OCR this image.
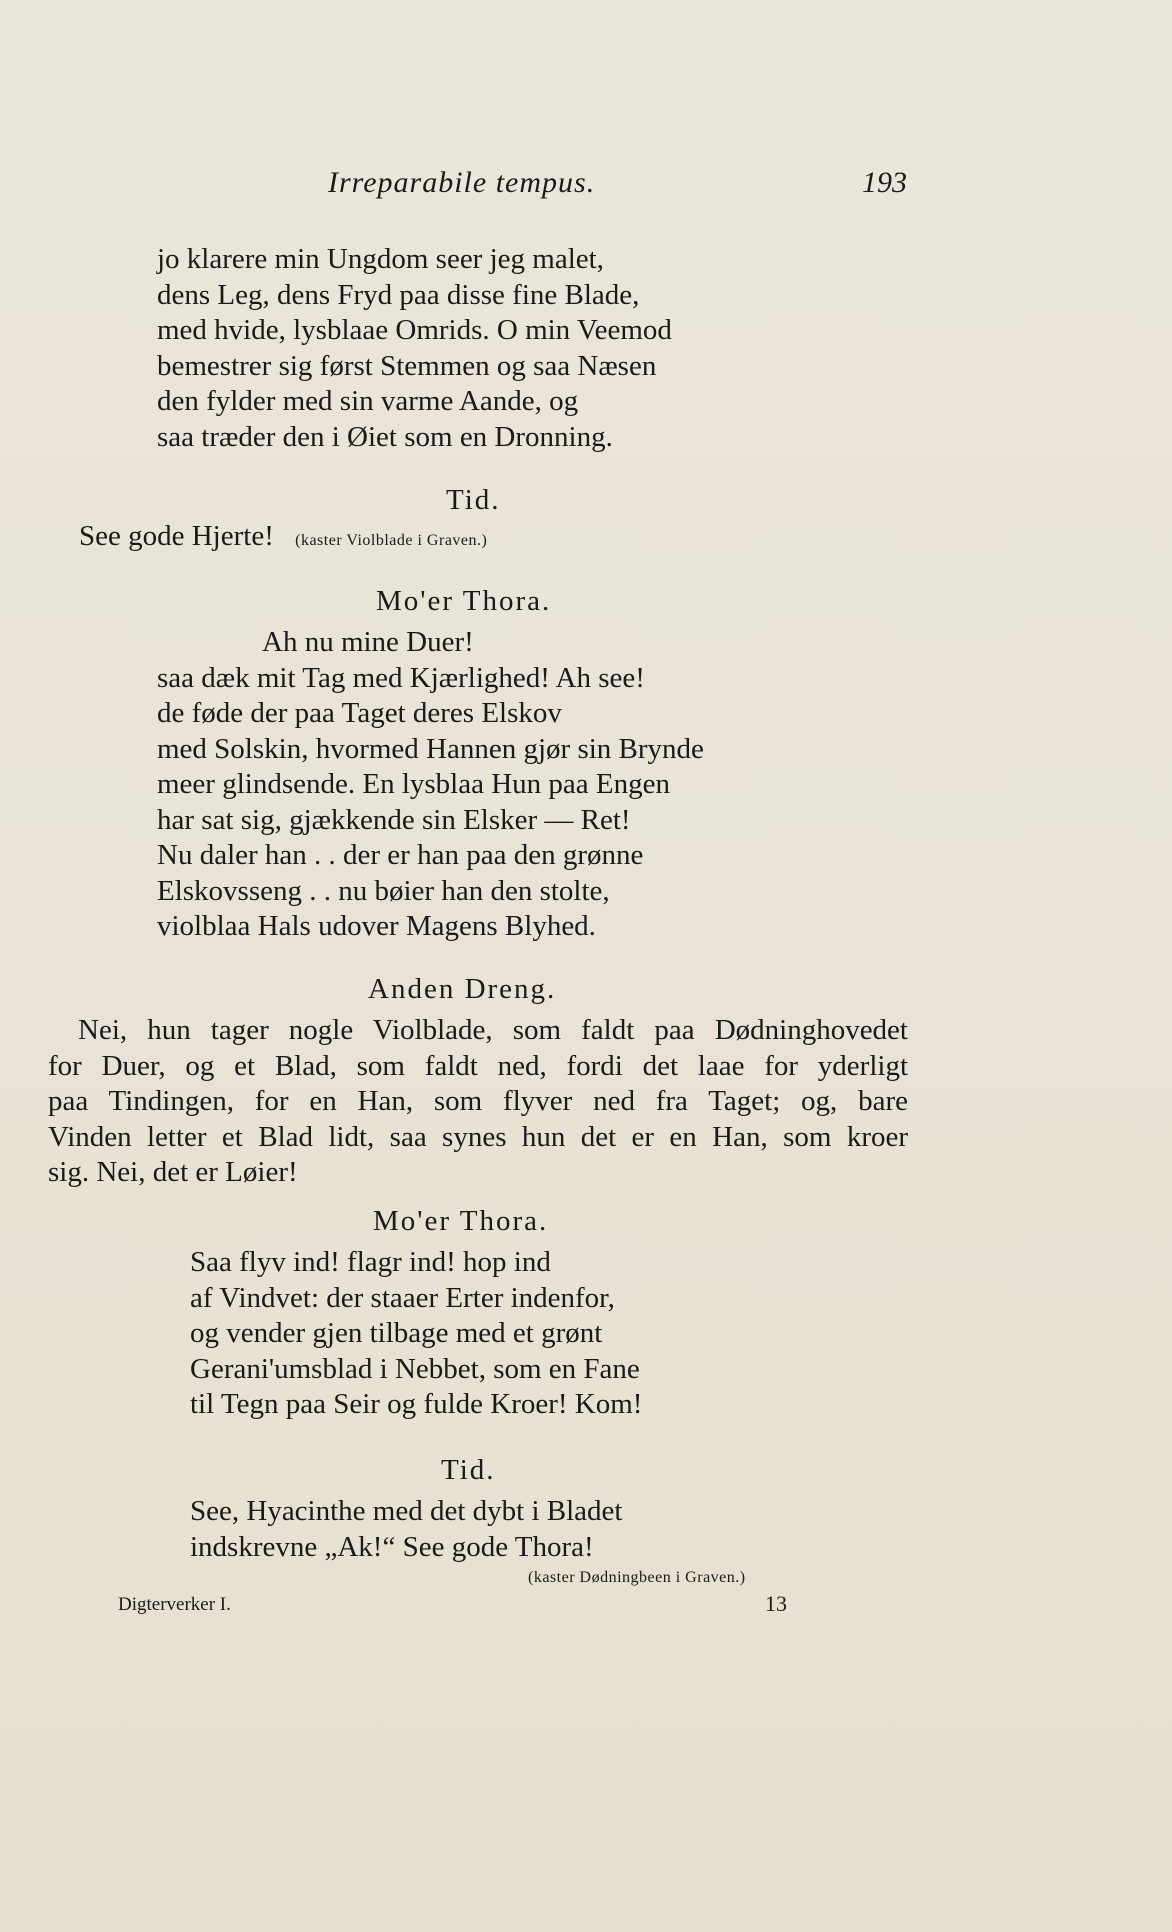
Irreparabile tempus.	193
jo klarere min Ungdom seer jeg malet,
dens Leg, dens Fryd paa disse fine Blade,
med hvide, lysblaae Omrids. O min Veemod
bemestrer sig først Stemmen og saa Næsen
den fylder med sin varme Aande, og
saa træder den i Øiet som en Dronning.
Tid.
See gode Hjerte! (kaster Violblade i Graven.)
Mo'er Thora.
Ah nu mine Duer!
saa dæk mit Tag med Kjærlighed! Ah see!
de føde der paa Taget deres Elskov
med Solskin, hvormed Hannen gjør sin Brynde
meer glindsende. En lysblaa Hun paa Engen
har sat sig, gjækkende sin Elsker — Ret!
Nu daler han . . der er han paa den grønne
Elskovsseng . . nu bøier han den stolte,
violblaa Hals udover Magens Blyhed.
Anden Dreng.
Nei, hun tager nogle Violblade, som faldt paa Dødninghovedet
for Duer, og et Blad, som faldt ned, fordi det laae for yderligt
paa Tindingen, for en Han, som flyver ned fra Taget; og, bare
Vinden letter et Blad lidt, saa synes hun det er en Han, som kroer
sig. Nei, det er Løier!
Mo'er Thora.
Saa flyv ind! flagr ind! hop ind
af Vindvet: der staaer Erter indenfor,
og vender gjen tilbage med et grønt
Gerani'umsblad i Nebbet, som en Fane
til Tegn paa Seir og fulde Kroer! Kom!
Tid.
See, Hyacinthe med det dybt i Bladet
indskrevne „Ak!“ See gode Thora!
(kaster Dødningbeen i Graven.)
Digterverker I.	13
